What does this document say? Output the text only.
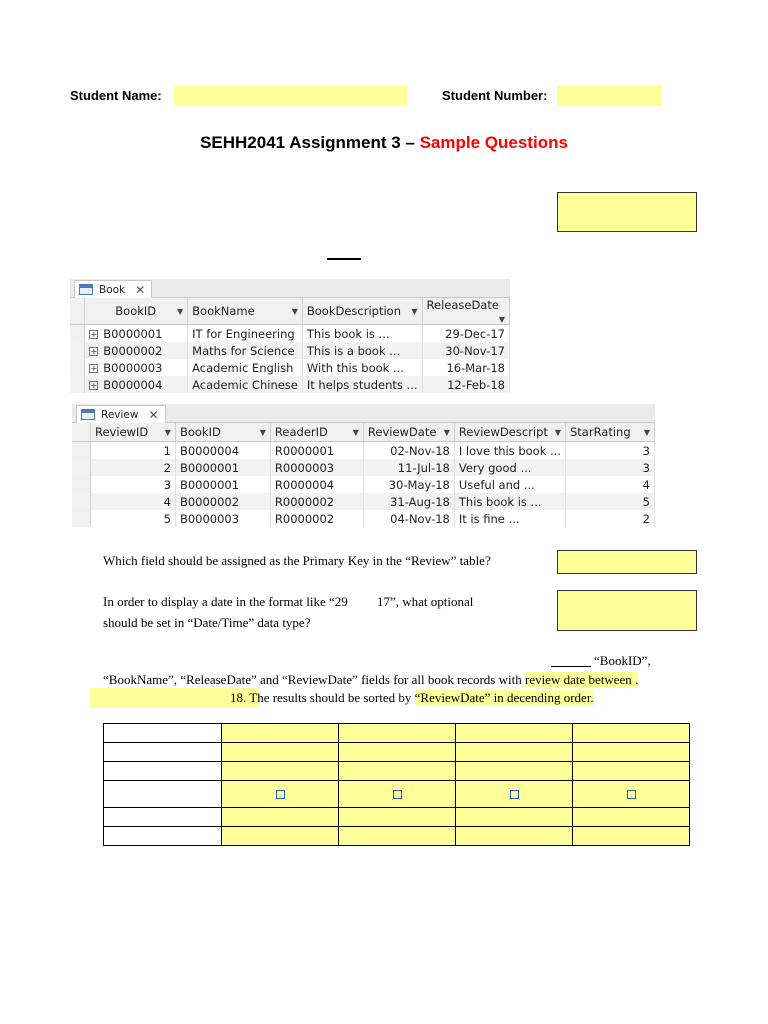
Student Name:	Student Number:
SEHH2041 Assignment 3 – Sample Questions
Book ✕
	BookID ▼	BookName ▼	BookDescription ▼	ReleaseDate
▼

	+ B0000001	IT for Engineering	This book is ...	29-Dec-17
	+ B0000002	Maths for Science	This is a book ...	30-Nov-17
	+ B0000003	Academic English	With this book ...	16-Mar-18
	+ B0000004	Academic Chinese	It helps students ...	12-Feb-18
Review ✕
	ReviewID ▼	BookID ▼	ReaderID ▼	ReviewDate ▼	ReviewDescript ▼	StarRating ▼

	1	B0000004	R0000001	02-Nov-18	I love this book ...	3
	2	B0000001	R0000003	11-Jul-18	Very good ...	3
	3	B0000001	R0000004	30-May-18	Useful and ...	4
	4	B0000002	R0000002	31-Aug-18	This book is ...	5
	5	B0000003	R0000002	04-Nov-18	It is fine ...	2
Which field should be assigned as the Primary Key in the “Review” table?
In order to display a date in the format like “29         17”, what optional
should be set in “Date/Time” data type?
“BookID”,
“BookName”, “ReleaseDate” and “ReviewDate” fields for all book records with review date between .
18. The results should be sorted by “ReviewDate” in decending order.
